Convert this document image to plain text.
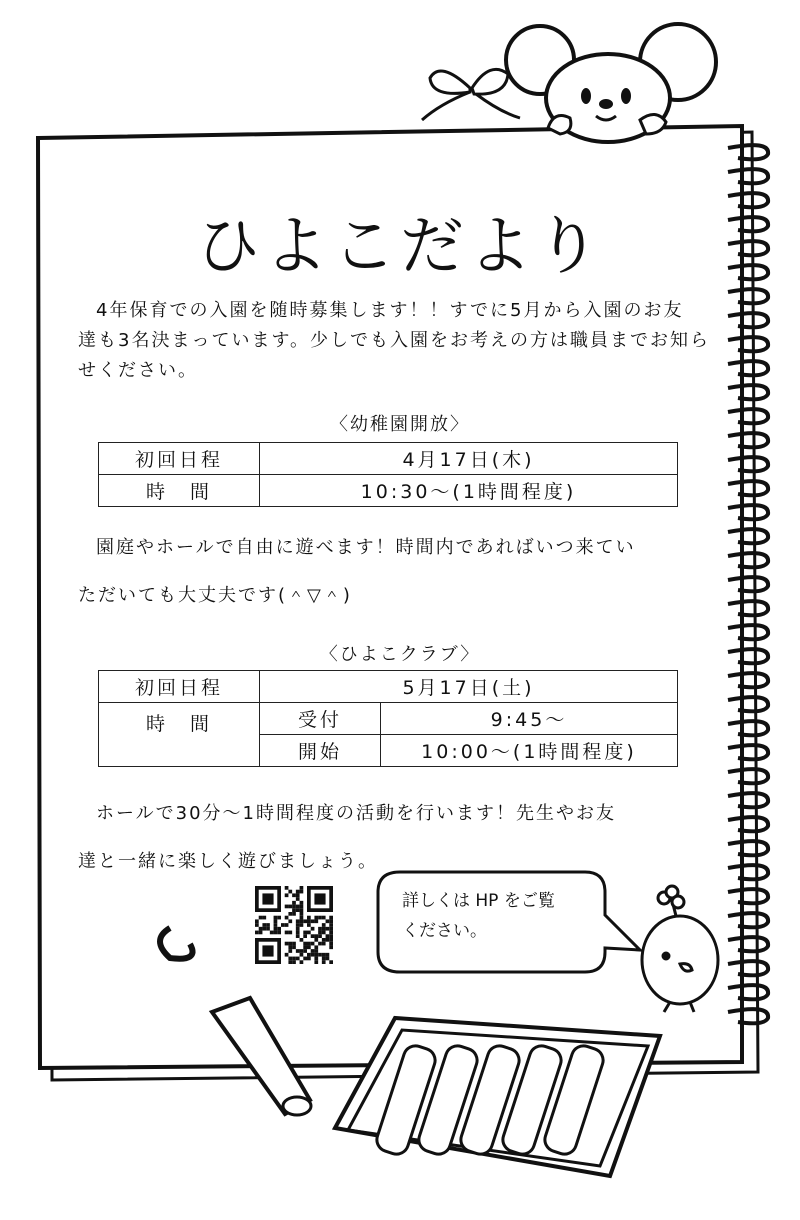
ひよこだより
4年保育での入園を随時募集します！！すでに5月から入園のお友
達も3名決まっています。少しでも入園をお考えの方は職員までお知ら
せください。
〈幼稚園開放〉
初回日程	4月17日(木)
時　間	10:30〜(1時間程度)
園庭やホールで自由に遊べます！時間内であればいつ来てい
ただいても大丈夫です(＾▽＾)
〈ひよこクラブ〉
初回日程	5月17日(土)	
時　間	受付	9:45〜
	開始	10:00〜(1時間程度)
ホールで30分〜1時間程度の活動を行います！先生やお友
達と一緒に楽しく遊びましょう。
詳しくは HP をご覧
ください。
